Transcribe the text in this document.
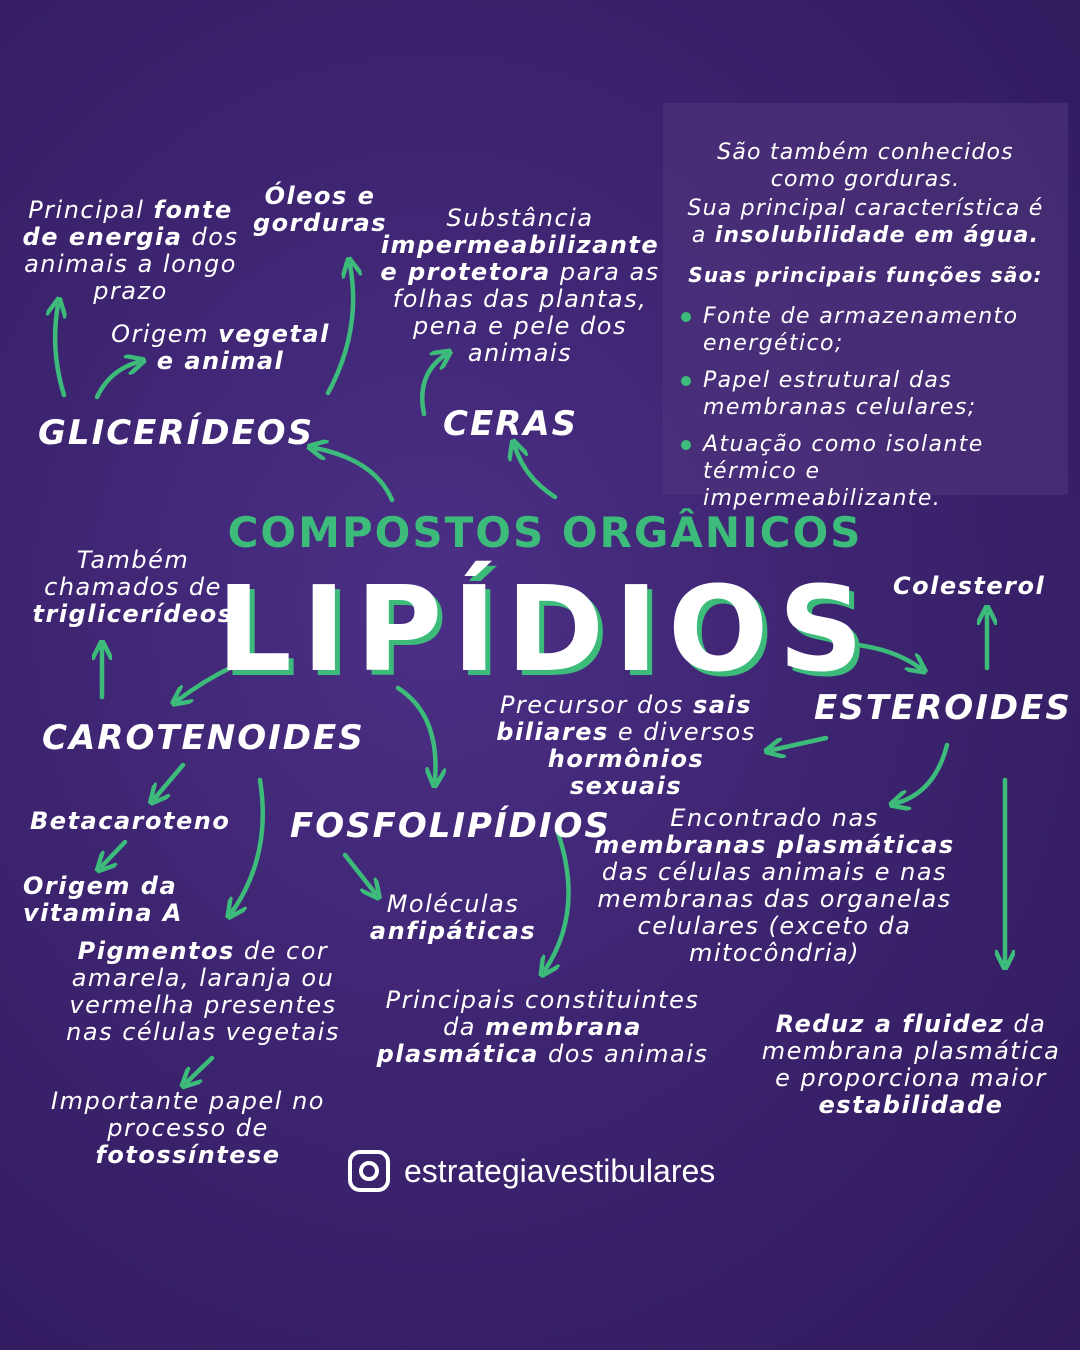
São também conhecidos como gorduras.
Sua principal característica é a insolubilidade em água.
Suas principais funções são:
Fonte de armazenamento energético;
Papel estrutural das membranas celulares;
Atuação como isolante térmico e impermeabilizante.
COMPOSTOS ORGÂNICOS
LIPÍDIOS
GLICERÍDEOS
Principal fonte de energia dos animais a longo prazo
Origem vegetal e animal
Óleos e gorduras
Também chamados de triglicerídeos
CERAS
Substância impermeabilizante e protetora para as folhas das plantas, pena e pele dos animais
CAROTENOIDES
Betacaroteno
Origem da vitamina A
Pigmentos de cor amarela, laranja ou vermelha presentes nas células vegetais
Importante papel no processo de fotossíntese
FOSFOLIPÍDIOS
Moléculas anfipáticas
Principais constituintes da membrana plasmática dos animais
ESTEROIDES
Colesterol
Precursor dos sais biliares e diversos hormônios sexuais
Encontrado nas membranas plasmáticas das células animais e nas membranas das organelas celulares (exceto da mitocôndria)
Reduz a fluidez da membrana plasmática e proporciona maior estabilidade
estrategiavestibulares
